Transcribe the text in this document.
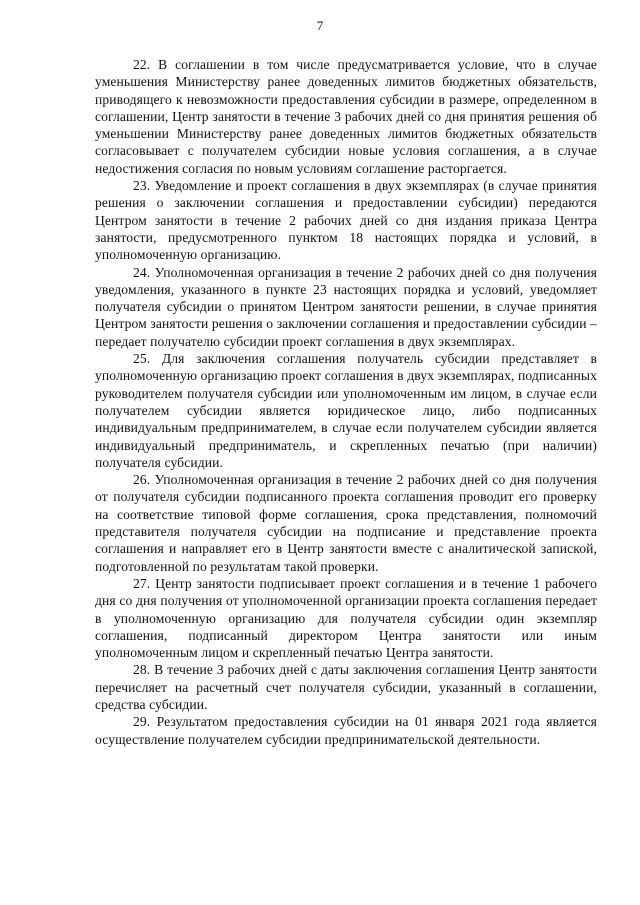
7

22. В соглашении в том числе предусматривается условие, что в случае уменьшения Министерству ранее доведенных лимитов бюджетных обязательств, приводящего к невозможности предоставления субсидии в размере, определенном в соглашении, Центр занятости в течение 3 рабочих дней со дня принятия решения об уменьшении Министерству ранее доведенных лимитов бюджетных обязательств согласовывает с получателем субсидии новые условия соглашения, а в случае недостижения согласия по новым условиям соглашение расторгается.

23. Уведомление и проект соглашения в двух экземплярах (в случае принятия решения о заключении соглашения и предоставлении субсидии) передаются Центром занятости в течение 2 рабочих дней со дня издания приказа Центра занятости, предусмотренного пунктом 18 настоящих порядка и условий, в уполномоченную организацию.

24. Уполномоченная организация в течение 2 рабочих дней со дня получения уведомления, указанного в пункте 23 настоящих порядка и условий, уведомляет получателя субсидии о принятом Центром занятости решении, в случае принятия Центром занятости решения о заключении соглашения и предоставлении субсидии – передает получателю субсидии проект соглашения в двух экземплярах.

25. Для заключения соглашения получатель субсидии представляет в уполномоченную организацию проект соглашения в двух экземплярах, подписанных руководителем получателя субсидии или уполномоченным им лицом, в случае если получателем субсидии является юридическое лицо, либо подписанных индивидуальным предпринимателем, в случае если получателем субсидии является индивидуальный предприниматель, и скрепленных печатью (при наличии) получателя субсидии.

26. Уполномоченная организация в течение 2 рабочих дней со дня получения от получателя субсидии подписанного проекта соглашения проводит его проверку на соответствие типовой форме соглашения, срока представления, полномочий представителя получателя субсидии на подписание и представление проекта соглашения и направляет его в Центр занятости вместе с аналитической запиской, подготовленной по результатам такой проверки.

27. Центр занятости подписывает проект соглашения и в течение 1 рабочего дня со дня получения от уполномоченной организации проекта соглашения передает в уполномоченную организацию для получателя субсидии один экземпляр соглашения, подписанный директором Центра занятости или иным уполномоченным лицом и скрепленный печатью Центра занятости.

28. В течение 3 рабочих дней с даты заключения соглашения Центр занятости перечисляет на расчетный счет получателя субсидии, указанный в соглашении, средства субсидии.

29. Результатом предоставления субсидии на 01 января 2021 года является осуществление получателем субсидии предпринимательской деятельности.
